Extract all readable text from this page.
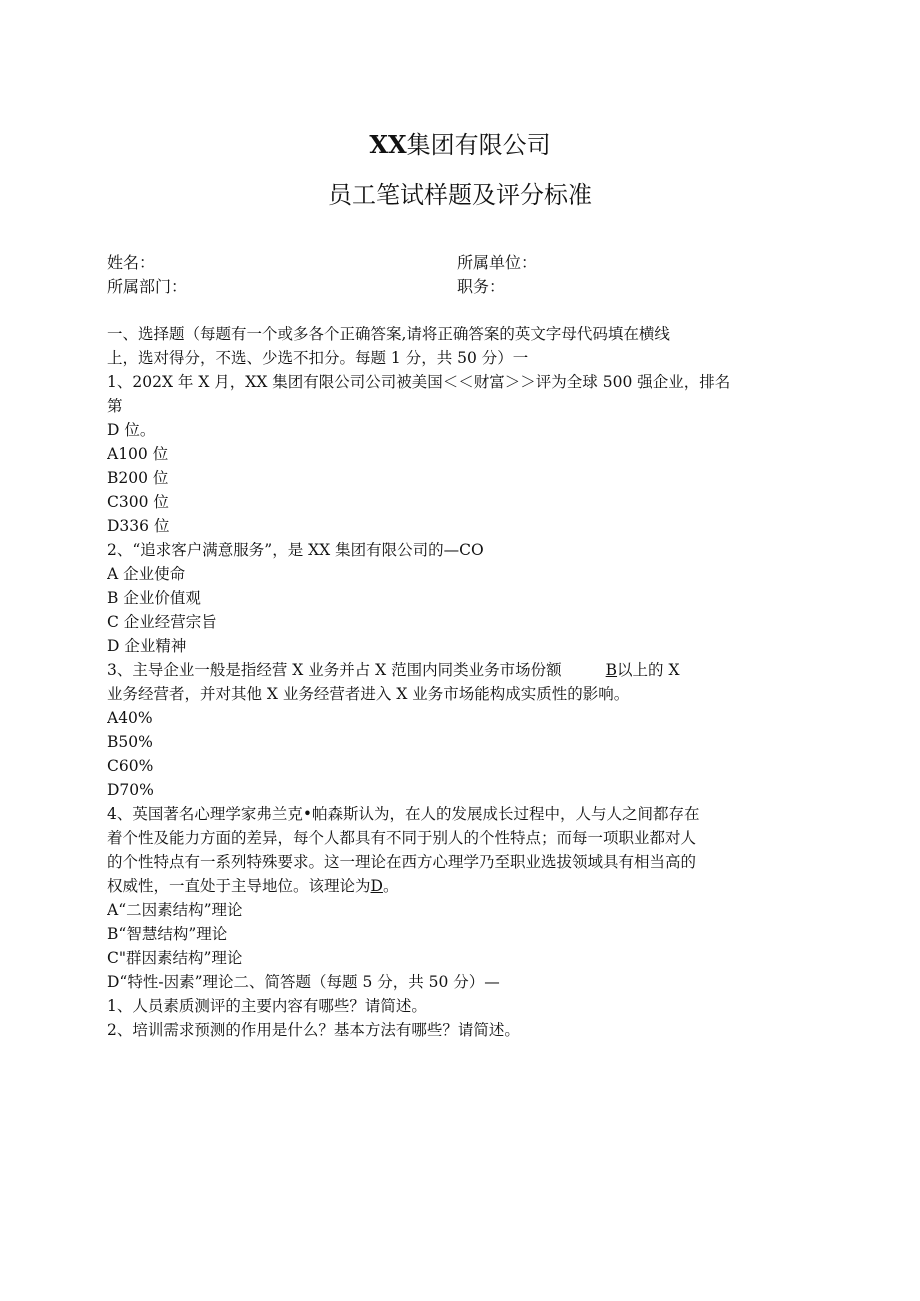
XX集团有限公司
员工笔试样题及评分标准
姓名：	所属单位：
所属部门：	职务：
一、选择题（每题有一个或多各个正确答案,请将正确答案的英文字母代码填在横线
上，选对得分，不选、少选不扣分。每题 1 分，共 50 分）一
1、202X 年 X 月，XX 集团有限公司公司被美国＜＜财富＞＞评为全球 500 强企业，排名
第
D 位。
A100 位
B200 位
C300 位
D336 位
2、“追求客户满意服务”，是 XX 集团有限公司的—CO
A 企业使命
B 企业价值观
C 企业经营宗旨
D 企业精神
3、主导企业一般是指经营 X 业务并占 X 范围内同类业务市场份额	B以上的 X
业务经营者，并对其他 X 业务经营者进入 X 业务市场能构成实质性的影响。
A40%
B50%
C60%
D70%
4、英国著名心理学家弗兰克•帕森斯认为，在人的发展成长过程中，人与人之间都存在
着个性及能力方面的差异，每个人都具有不同于别人的个性特点；而每一项职业都对人
的个性特点有一系列特殊要求。这一理论在西方心理学乃至职业选拔领域具有相当高的
权威性，一直处于主导地位。该理论为D。
A“二因素结构”理论
B“智慧结构”理论
C"群因素结构”理论
D“特性-因素”理论二、简答题（每题 5 分，共 50 分）—
1、人员素质测评的主要内容有哪些？请简述。
2、培训需求预测的作用是什么？基本方法有哪些？请简述。
